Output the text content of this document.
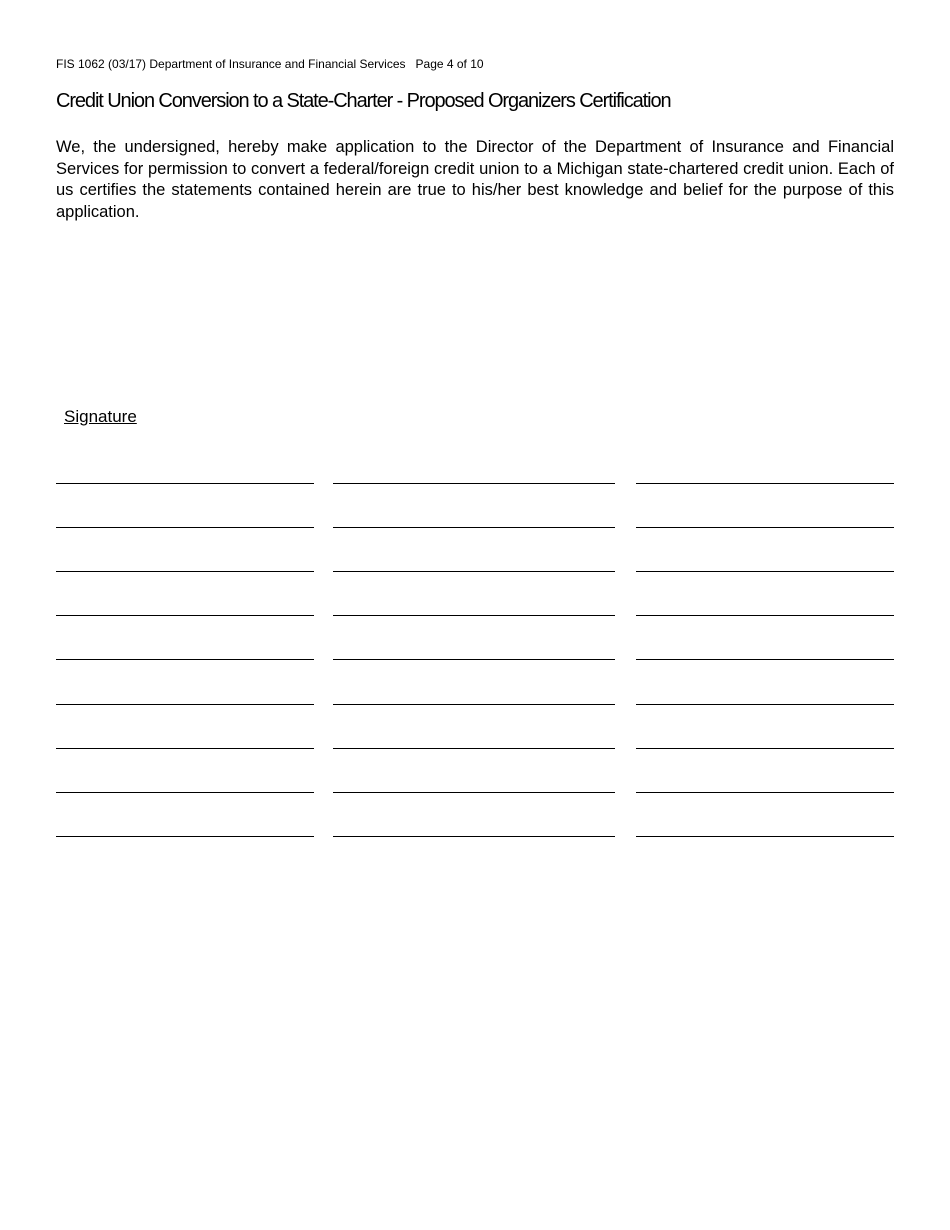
FIS 1062 (03/17) Department of Insurance and Financial Services   Page 4 of 10
Credit Union Conversion to a State-Charter - Proposed Organizers Certification
We, the undersigned, hereby make application to the Director of the Department of Insurance and Financial Services for permission to convert a federal/foreign credit union to a Michigan state-chartered credit union. Each of us certifies the statements contained herein are true to his/her best knowledge and belief for the purpose of this application.
Signature
